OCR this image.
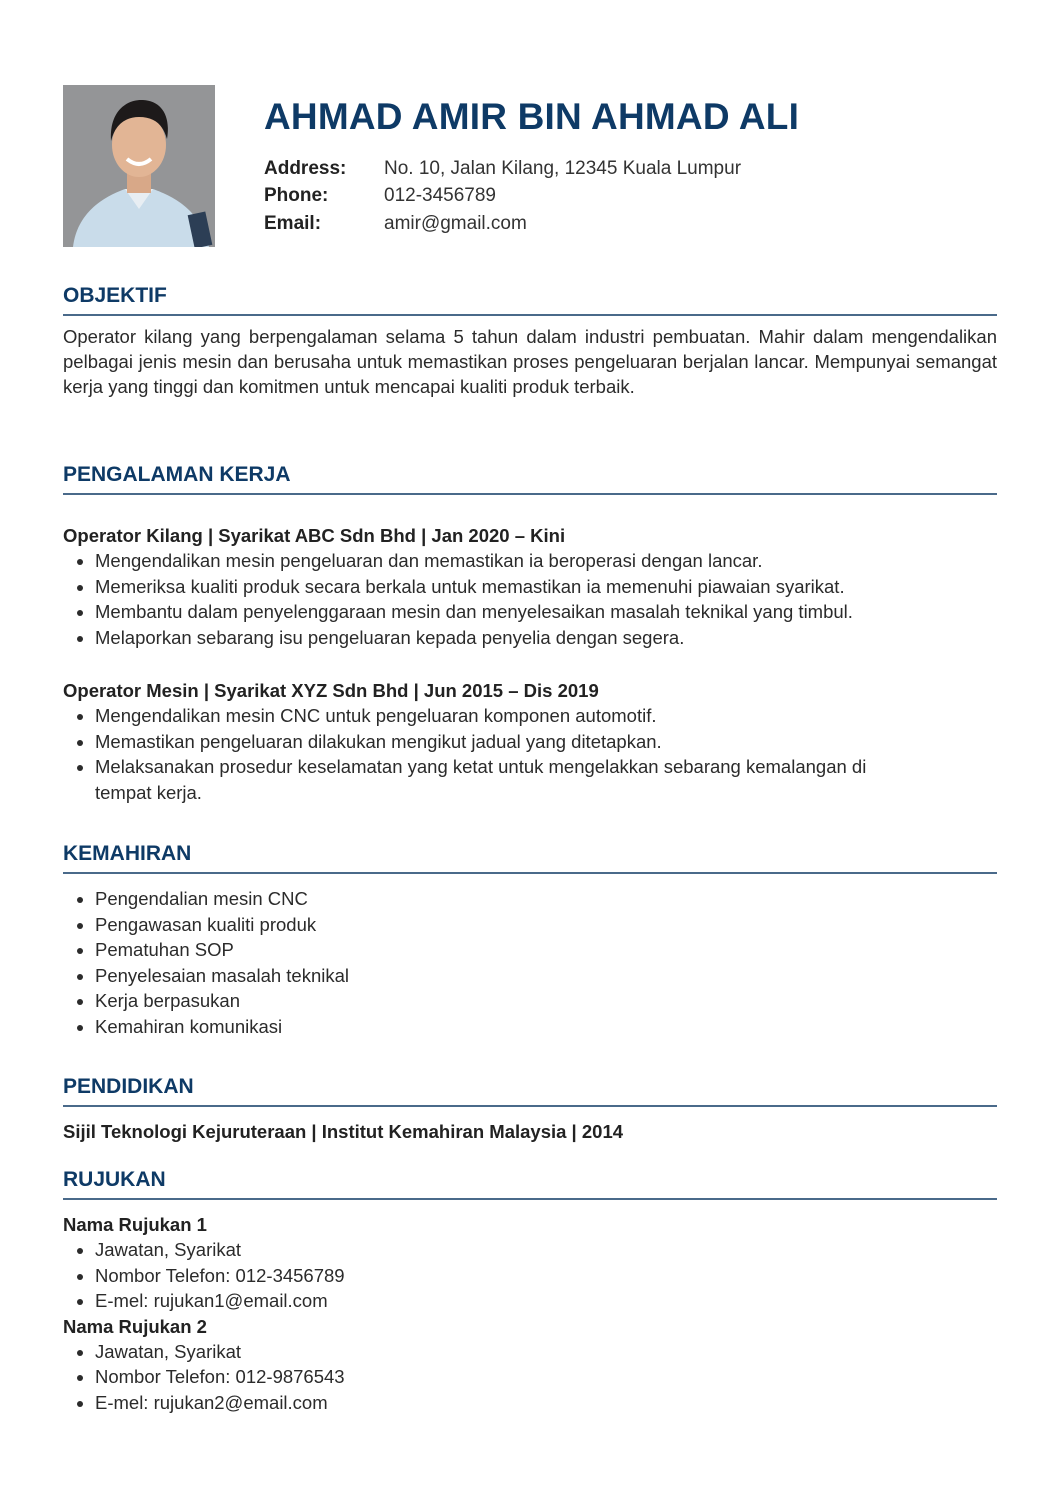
AHMAD AMIR BIN AHMAD ALI
Address:	No. 10, Jalan Kilang, 12345 Kuala Lumpur
Phone:	012-3456789
Email:	amir@gmail.com
OBJEKTIF
Operator kilang yang berpengalaman selama 5 tahun dalam industri pembuatan. Mahir dalam mengendalikan pelbagai jenis mesin dan berusaha untuk memastikan proses pengeluaran berjalan lancar. Mempunyai semangat kerja yang tinggi dan komitmen untuk mencapai kualiti produk terbaik.
PENGALAMAN KERJA
Operator Kilang | Syarikat ABC Sdn Bhd | Jan 2020 – Kini
• Mengendalikan mesin pengeluaran dan memastikan ia beroperasi dengan lancar.
• Memeriksa kualiti produk secara berkala untuk memastikan ia memenuhi piawaian syarikat.
• Membantu dalam penyelenggaraan mesin dan menyelesaikan masalah teknikal yang timbul.
• Melaporkan sebarang isu pengeluaran kepada penyelia dengan segera.
Operator Mesin | Syarikat XYZ Sdn Bhd | Jun 2015 – Dis 2019
• Mengendalikan mesin CNC untuk pengeluaran komponen automotif.
• Memastikan pengeluaran dilakukan mengikut jadual yang ditetapkan.
• Melaksanakan prosedur keselamatan yang ketat untuk mengelakkan sebarang kemalangan di tempat kerja.
KEMAHIRAN
• Pengendalian mesin CNC
• Pengawasan kualiti produk
• Pematuhan SOP
• Penyelesaian masalah teknikal
• Kerja berpasukan
• Kemahiran komunikasi
PENDIDIKAN
Sijil Teknologi Kejuruteraan | Institut Kemahiran Malaysia | 2014
RUJUKAN
Nama Rujukan 1
• Jawatan, Syarikat
• Nombor Telefon: 012-3456789
• E-mel: rujukan1@email.com
Nama Rujukan 2
• Jawatan, Syarikat
• Nombor Telefon: 012-9876543
• E-mel: rujukan2@email.com
